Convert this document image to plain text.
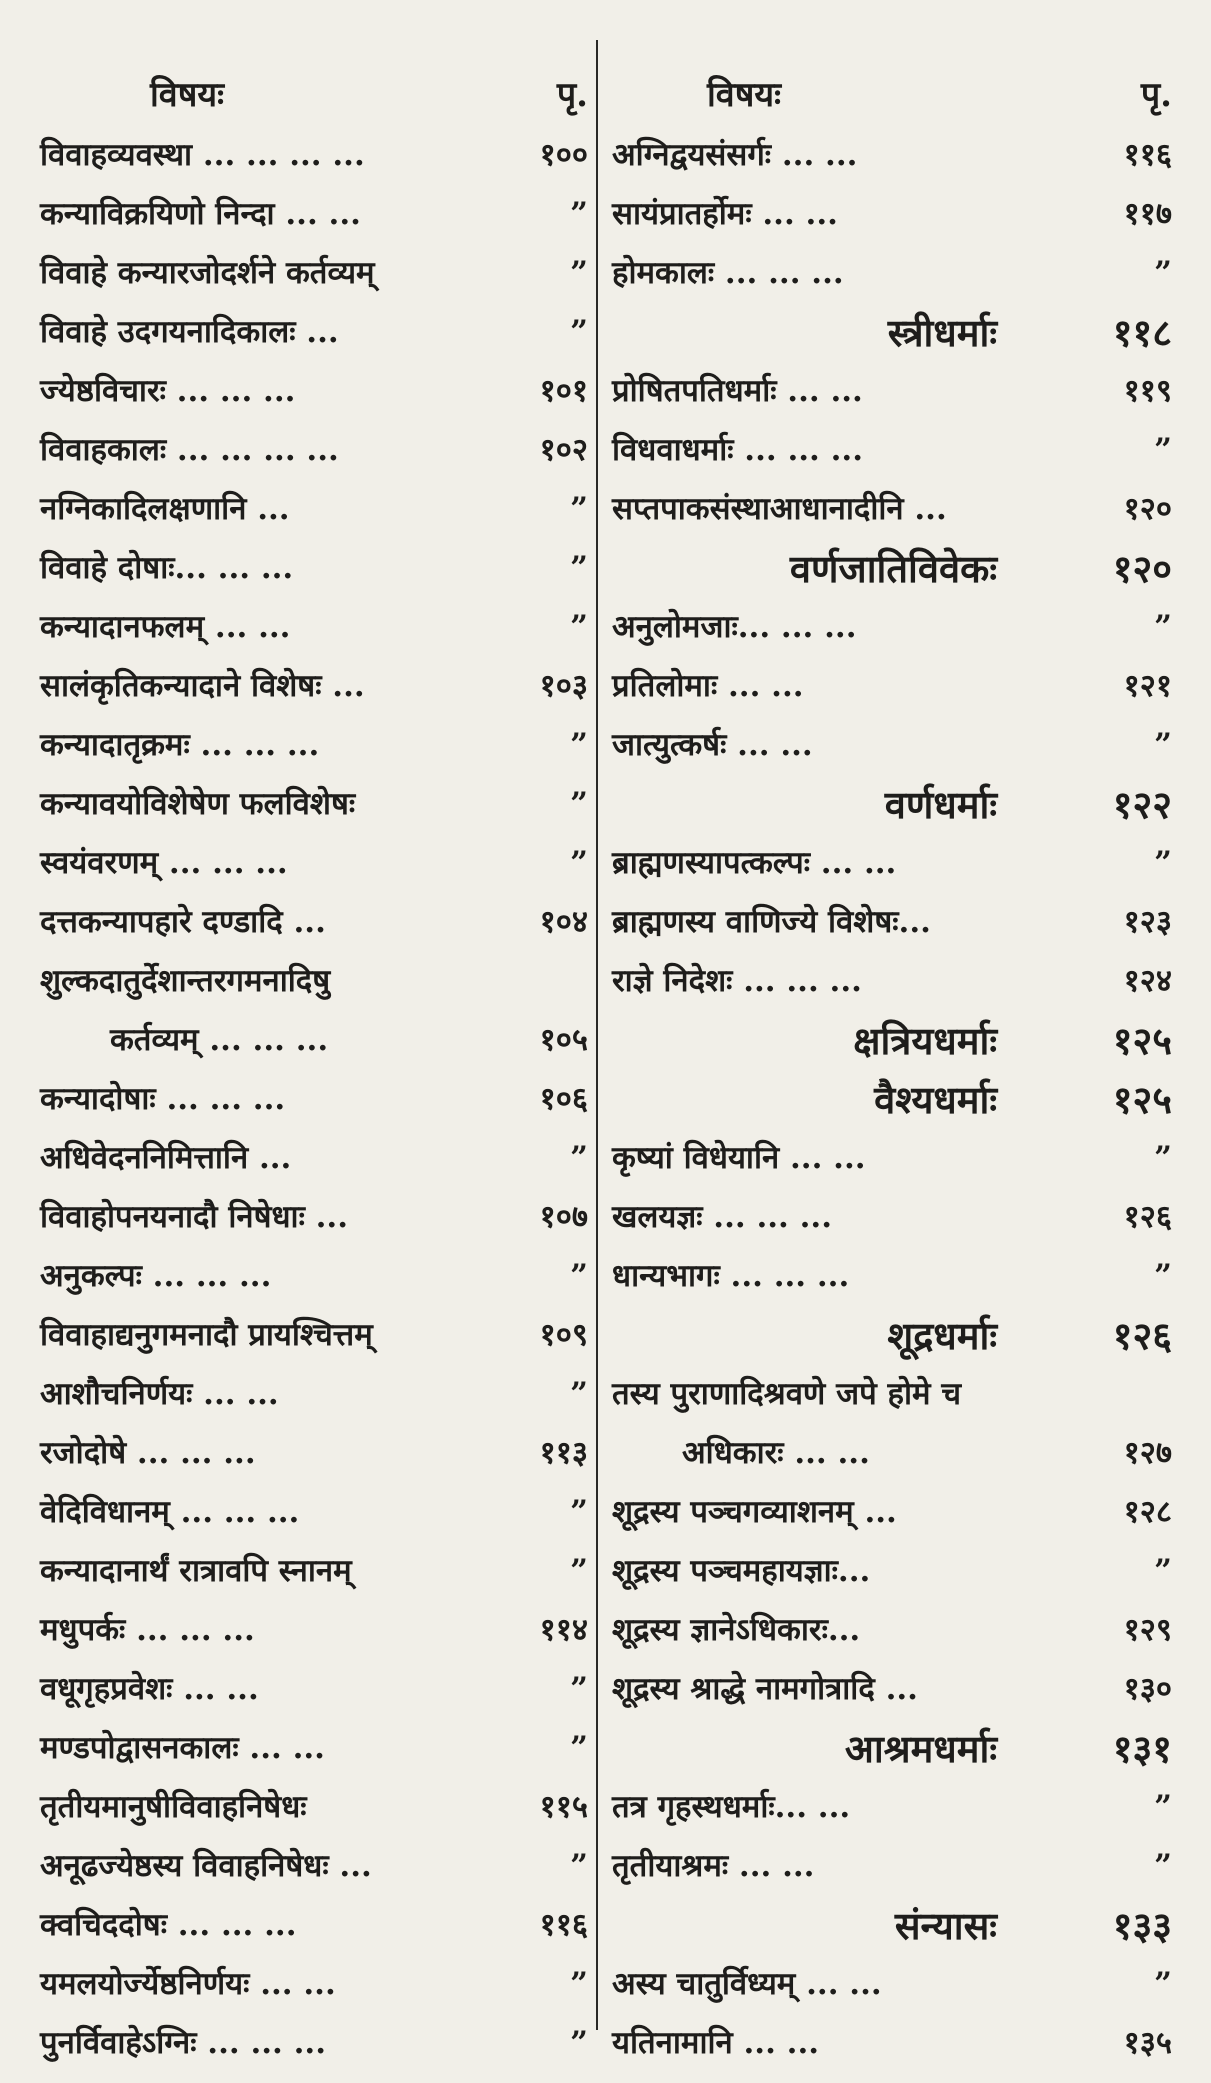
विषयः	पृ.
विवाहव्यवस्था ... ... ... ...	१००
कन्याविक्रयिणो निन्दा ... ...	”
विवाहे कन्यारजोदर्शने कर्तव्यम्	”
विवाहे उदगयनादिकालः ...	”
ज्येष्ठविचारः ... ... ...	१०१
विवाहकालः ... ... ... ...	१०२
नग्निकादिलक्षणानि ...	”
विवाहे दोषाः... ... ...	”
कन्यादानफलम् ... ...	”
सालंकृतिकन्यादाने विशेषः ...	१०३
कन्यादातृक्रमः ... ... ...	”
कन्यावयोविशेषेण फलविशेषः	”
स्वयंवरणम् ... ... ...	”
दत्तकन्यापहारे दण्डादि ...	१०४
शुल्कदातुर्देशान्तरगमनादिषु
कर्तव्यम् ... ... ...	१०५
कन्यादोषाः ... ... ...	१०६
अधिवेदननिमित्तानि ...	”
विवाहोपनयनादौ निषेधाः ...	१०७
अनुकल्पः ... ... ...	”
विवाहाद्यनुगमनादौ प्रायश्चित्तम्	१०९
आशौचनिर्णयः ... ...	”
रजोदोषे ... ... ...	११३
वेदिविधानम् ... ... ...	”
कन्यादानार्थं रात्रावपि स्नानम्	”
मधुपर्कः ... ... ...	११४
वधूगृहप्रवेशः ... ...	”
मण्डपोद्वासनकालः ... ...	”
तृतीयमानुषीविवाहनिषेधः	११५
अनूढज्येष्ठस्य विवाहनिषेधः ...	”
क्वचिददोषः ... ... ...	११६
यमलयोर्ज्येष्ठनिर्णयः ... ...	”
पुनर्विवाहेऽग्निः ... ... ...	”
विषयः	पृ.
अग्निद्वयसंसर्गः ... ...	११६
सायंप्रातर्होमः ... ...	११७
होमकालः ... ... ...	”
स्त्रीधर्माः	११८
प्रोषितपतिधर्माः ... ...	११९
विधवाधर्माः ... ... ...	”
सप्तपाकसंस्थाआधानादीनि ...	१२०
वर्णजातिविवेकः	१२०
अनुलोमजाः... ... ...	”
प्रतिलोमाः ... ...	१२१
जात्युत्कर्षः ... ...	”
वर्णधर्माः	१२२
ब्राह्मणस्यापत्कल्पः ... ...	”
ब्राह्मणस्य वाणिज्ये विशेषः...	१२३
राज्ञे निदेशः ... ... ...	१२४
क्षत्रियधर्माः	१२५
वैश्यधर्माः	१२५
कृष्यां विधेयानि ... ...	”
खलयज्ञः ... ... ...	१२६
धान्यभागः ... ... ...	”
शूद्रधर्माः	१२६
तस्य पुराणादिश्रवणे जपे होमे च
अधिकारः ... ...	१२७
शूद्रस्य पञ्चगव्याशनम् ...	१२८
शूद्रस्य पञ्चमहायज्ञाः...	”
शूद्रस्य ज्ञानेऽधिकारः...	१२९
शूद्रस्य श्राद्धे नामगोत्रादि ...	१३०
आश्रमधर्माः	१३१
तत्र गृहस्थधर्माः... ...	”
तृतीयाश्रमः ... ...	”
संन्यासः	१३३
अस्य चातुर्विध्यम् ... ...	”
यतिनामानि ... ...	१३५
